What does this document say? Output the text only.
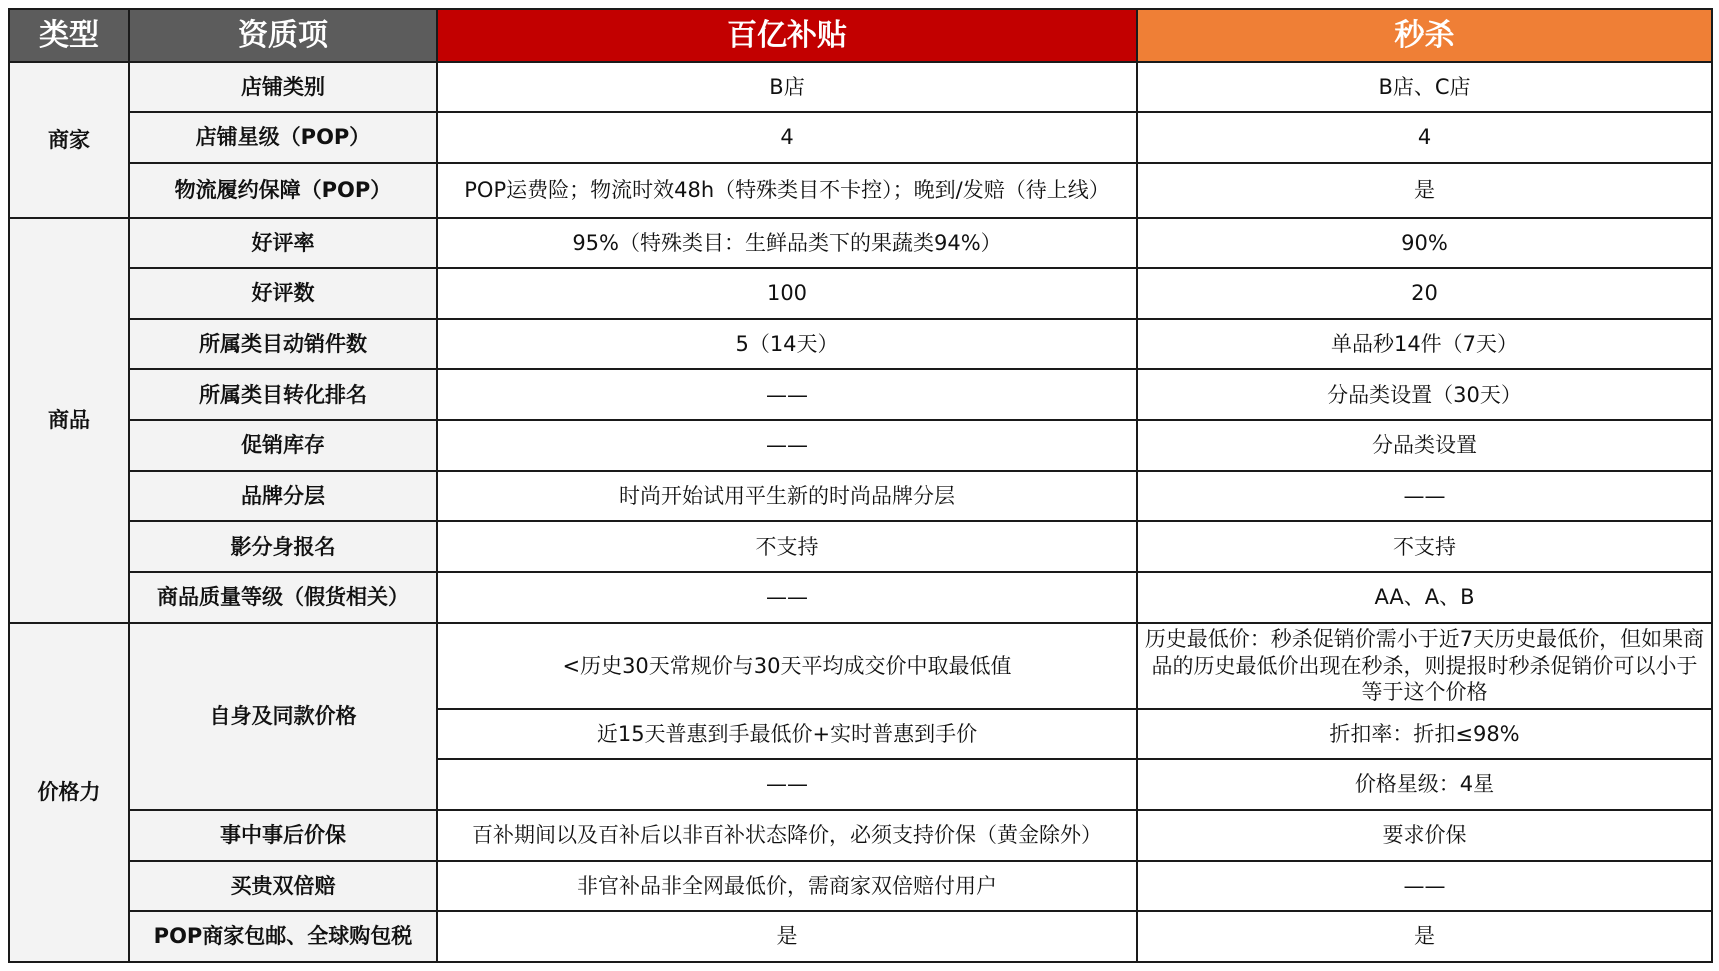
类型	资质项	百亿补贴	秒杀
商家	店铺类别	B店	B店、C店
	店铺星级（POP）	4	4
	物流履约保障（POP）	POP运费险；物流时效48h（特殊类目不卡控）；晚到/发赔（待上线）	是
商品	好评率	95%（特殊类目：生鲜品类下的果蔬类94%）	90%
	好评数	100	20
	所属类目动销件数	5（14天）	单品秒14件（7天）
	所属类目转化排名	——	分品类设置（30天）
	促销库存	——	分品类设置
	品牌分层	时尚开始试用平生新的时尚品牌分层	——
	影分身报名	不支持	不支持
	商品质量等级（假货相关）	——	AA、A、B
价格力	自身及同款价格	<历史30天常规价与30天平均成交价中取最低值	历史最低价：秒杀促销价需小于近7天历史最低价，但如果商品的历史最低价出现在秒杀，则提报时秒杀促销价可以小于等于这个价格
		近15天普惠到手最低价+实时普惠到手价	折扣率：折扣≤98%
		——	价格星级：4星
	事中事后价保	百补期间以及百补后以非百补状态降价，必须支持价保（黄金除外）	要求价保
	买贵双倍赔	非官补品非全网最低价，需商家双倍赔付用户	——
	POP商家包邮、全球购包税	是	是
